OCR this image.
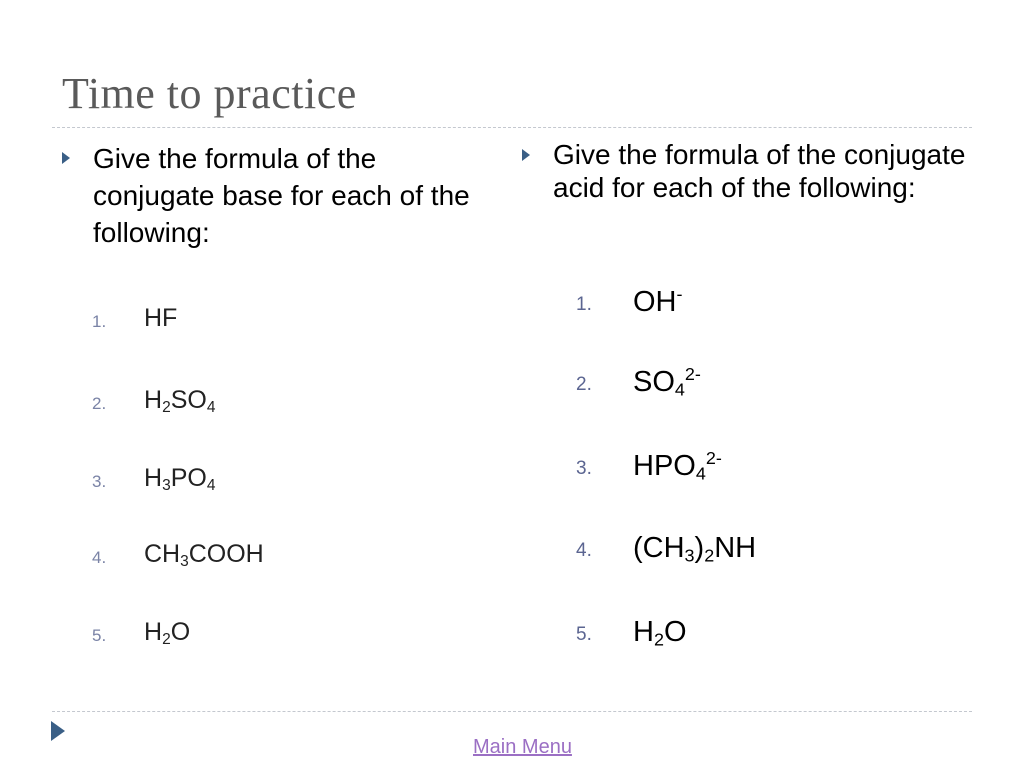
Time to practice
Give the formula of the conjugate base for each of the following:
1.	HF
2.	$H_2SO_4$
3.	$H_3PO_4$
4.	$CH_3COOH$
5.	$H_2O$
Give the formula of the conjugate acid for each of the following:
1.	OH-
2.	$SO_4^{2-}$
3.	$HPO_4^{2-}$
4.	$(CH_3)_2NH$
5.	$H_2O$
Main Menu
